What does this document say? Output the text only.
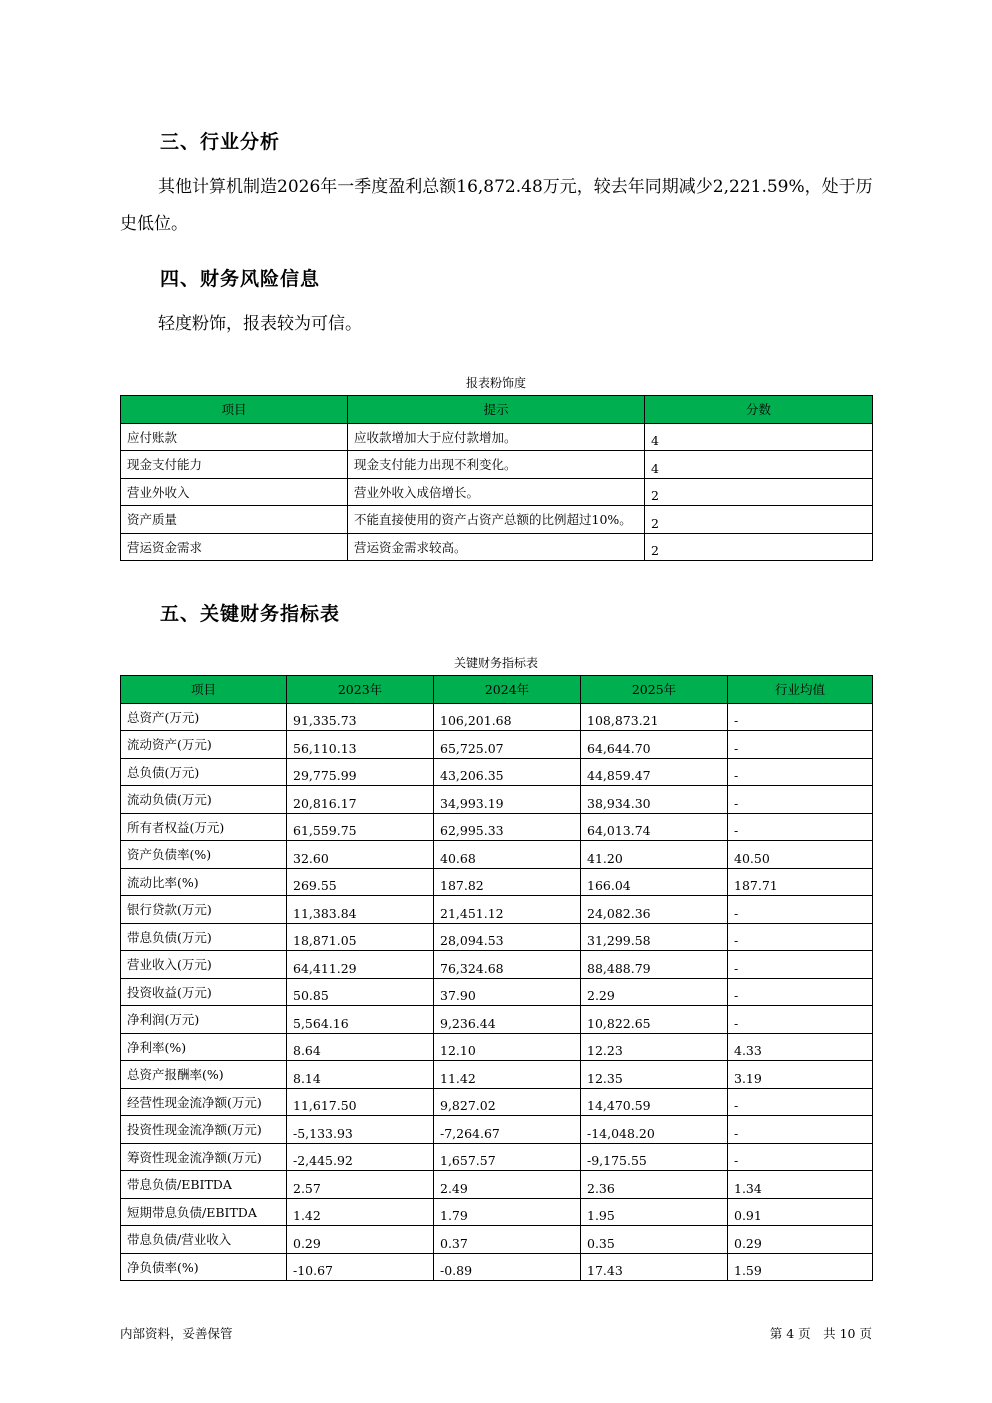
三、行业分析

其他计算机制造2026年一季度盈利总额16,872.48万元，较去年同期减少2,221.59%，处于历史低位。

四、财务风险信息

轻度粉饰，报表较为可信。

报表粉饰度
项目	提示	分数
应付账款	应收款增加大于应付款增加。	4
现金支付能力	现金支付能力出现不利变化。	4
营业外收入	营业外收入成倍增长。	2
资产质量	不能直接使用的资产占资产总额的比例超过10%。	2
营运资金需求	营运资金需求较高。	2
五、关键财务指标表
关键财务指标表
项目	2023年	2024年	2025年	行业均值
总资产(万元)	91,335.73	106,201.68	108,873.21	-
流动资产(万元)	56,110.13	65,725.07	64,644.70	-
总负债(万元)	29,775.99	43,206.35	44,859.47	-
流动负债(万元)	20,816.17	34,993.19	38,934.30	-
所有者权益(万元)	61,559.75	62,995.33	64,013.74	-
资产负债率(%)	32.60	40.68	41.20	40.50
流动比率(%)	269.55	187.82	166.04	187.71
银行贷款(万元)	11,383.84	21,451.12	24,082.36	-
带息负债(万元)	18,871.05	28,094.53	31,299.58	-
营业收入(万元)	64,411.29	76,324.68	88,488.79	-
投资收益(万元)	50.85	37.90	2.29	-
净利润(万元)	5,564.16	9,236.44	10,822.65	-
净利率(%)	8.64	12.10	12.23	4.33
总资产报酬率(%)	8.14	11.42	12.35	3.19
经营性现金流净额(万元)	11,617.50	9,827.02	14,470.59	-
投资性现金流净额(万元)	-5,133.93	-7,264.67	-14,048.20	-
筹资性现金流净额(万元)	-2,445.92	1,657.57	-9,175.55	-
带息负债/EBITDA	2.57	2.49	2.36	1.34
短期带息负债/EBITDA	1.42	1.79	1.95	0.91
带息负债/营业收入	0.29	0.37	0.35	0.29
净负债率(%)	-10.67	-0.89	17.43	1.59
内部资料，妥善保管	第 4 页　共 10 页
